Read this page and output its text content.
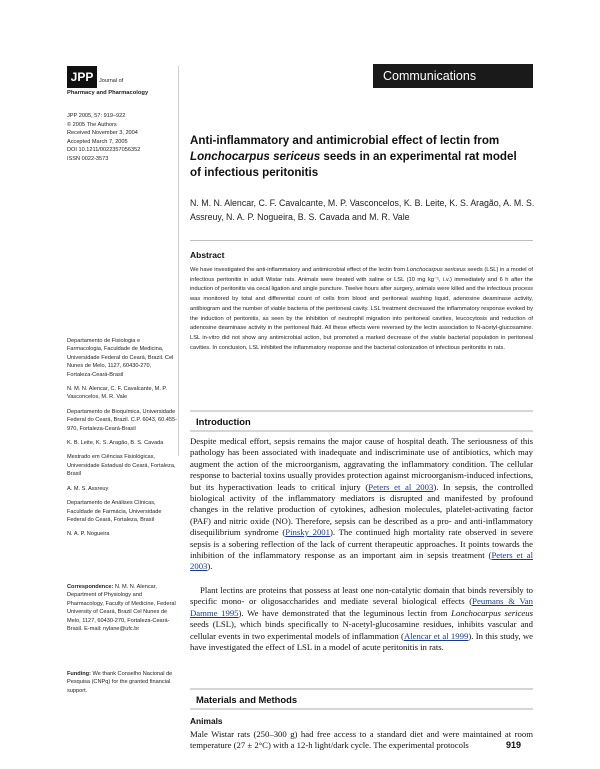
JPP	Journal of
Pharmacy and Pharmacology
Communications
JPP 2005, 57: 919–922
© 2005 The Authors
Received November 3, 2004
Accepted March 7, 2005
DOI 10.1211/0022357056352
ISSN 0022-3573
Anti-inflammatory and antimicrobial effect of lectin from Lonchocarpus sericeus seeds in an experimental rat model of infectious peritonitis

N. M. N. Alencar, C. F. Cavalcante, M. P. Vasconcelos, K. B. Leite, K. S. Aragão, A. M. S. Assreuy, N. A. P. Nogueira, B. S. Cavada and M. R. Vale

Abstract

We have investigated the anti-inflammatory and antimicrobial effect of the lectin from Lonchocarpus sericeus seeds (LSL) in a model of infectious peritonitis in adult Wistar rats. Animals were treated with saline or LSL (10 mg kg⁻¹, i.v.) immediately and 6 h after the induction of peritonitis via cecal ligation and single puncture. Twelve hours after surgery, animals were killed and the infectious process was monitored by total and differential count of cells from blood and peritoneal washing liquid, adenosine deaminase activity, antibiogram and the number of viable bacteria of the peritoneal cavity. LSL treatment decreased the inflammatory response evoked by the induction of peritonitis, as seen by the inhibition of neutrophil migration into peritoneal cavities, leucocytosis and reduction of adenosine deaminase activity in the peritoneal fluid. All these effects were reversed by the lectin association to N-acetyl-glucosamine. LSL in-vitro did not show any antimicrobial action, but promoted a marked decrease of the viable bacterial population in peritoneal cavities. In conclusion, LSL inhibited the inflammatory response and the bacterial colonization of infectious peritonitis in rats.

Departamento de Fisiologia e Farmacologia, Faculdade de Medicina, Universidade Federal do Ceará, Brazil. Cel Nunes de Melo, 1127, 60430-270, Fortaleza-Ceará-Brasil

N. M. N. Alencar, C. F. Cavalcante, M. P. Vasconcelos, M. R. Vale

Departamento de Bioquímica, Universidade Federal do Ceará, Brazil. C.P. 6043, 60.455-970, Fortaleza-Ceará-Brasil

K. B. Leite, K. S. Aragão, B. S. Cavada

Mestrado em Ciências Fisiológicas, Universidade Estadual do Ceará, Fortaleza, Brasil

A. M. S. Assreuy

Departamento de Análises Clínicas, Faculdade de Farmácia, Universidade Federal do Ceará, Fortaleza, Brasil

N. A. P. Nogueira

Correspondence: N. M. N. Alencar, Department of Physiology and Pharmacology, Faculty of Medicine, Federal University of Ceará, Brazil Cel Nunes de Melo, 1127, 60430-270, Fortaleza-Ceará-Brasil. E-mail: nylane@ufc.br
Funding: We thank Conselho Nacional de Pesquisa (CNPq) for the granted financial support.
Introduction

Despite medical effort, sepsis remains the major cause of hospital death. The seriousness of this pathology has been associated with inadequate and indiscriminate use of antibiotics, which may augment the action of the microorganism, aggravating the inflammatory condition. The cellular response to bacterial toxins usually provides protection against microorganism-induced infections, but its hyperactivation leads to critical injury (Peters et al 2003). In sepsis, the controlled biological activity of the inflammatory mediators is disrupted and manifested by profound changes in the relative production of cytokines, adhesion molecules, platelet-activating factor (PAF) and nitric oxide (NO). Therefore, sepsis can be described as a pro- and anti-inflammatory disequilibrium syndrome (Pinsky 2001). The continued high mortality rate observed in severe sepsis is a sobering reflection of the lack of current therapeutic approaches. It points towards the inhibition of the inflammatory response as an important aim in sepsis treatment (Peters et al 2003).

Plant lectins are proteins that possess at least one non-catalytic domain that binds reversibly to specific mono- or oligosaccharides and mediate several biological effects (Peumans & Van Damme 1995). We have demonstrated that the leguminous lectin from Lonchocarpus sericeus seeds (LSL), which binds specifically to N-acetyl-glucosamine residues, inhibits vascular and cellular events in two experimental models of inflammation (Alencar et al 1999). In this study, we have investigated the effect of LSL in a model of acute peritonitis in rats.

Materials and Methods
Animals

Male Wistar rats (250–300 g) had free access to a standard diet and were maintained at room temperature (27 ± 2°C) with a 12-h light/dark cycle. The experimental protocols	919
